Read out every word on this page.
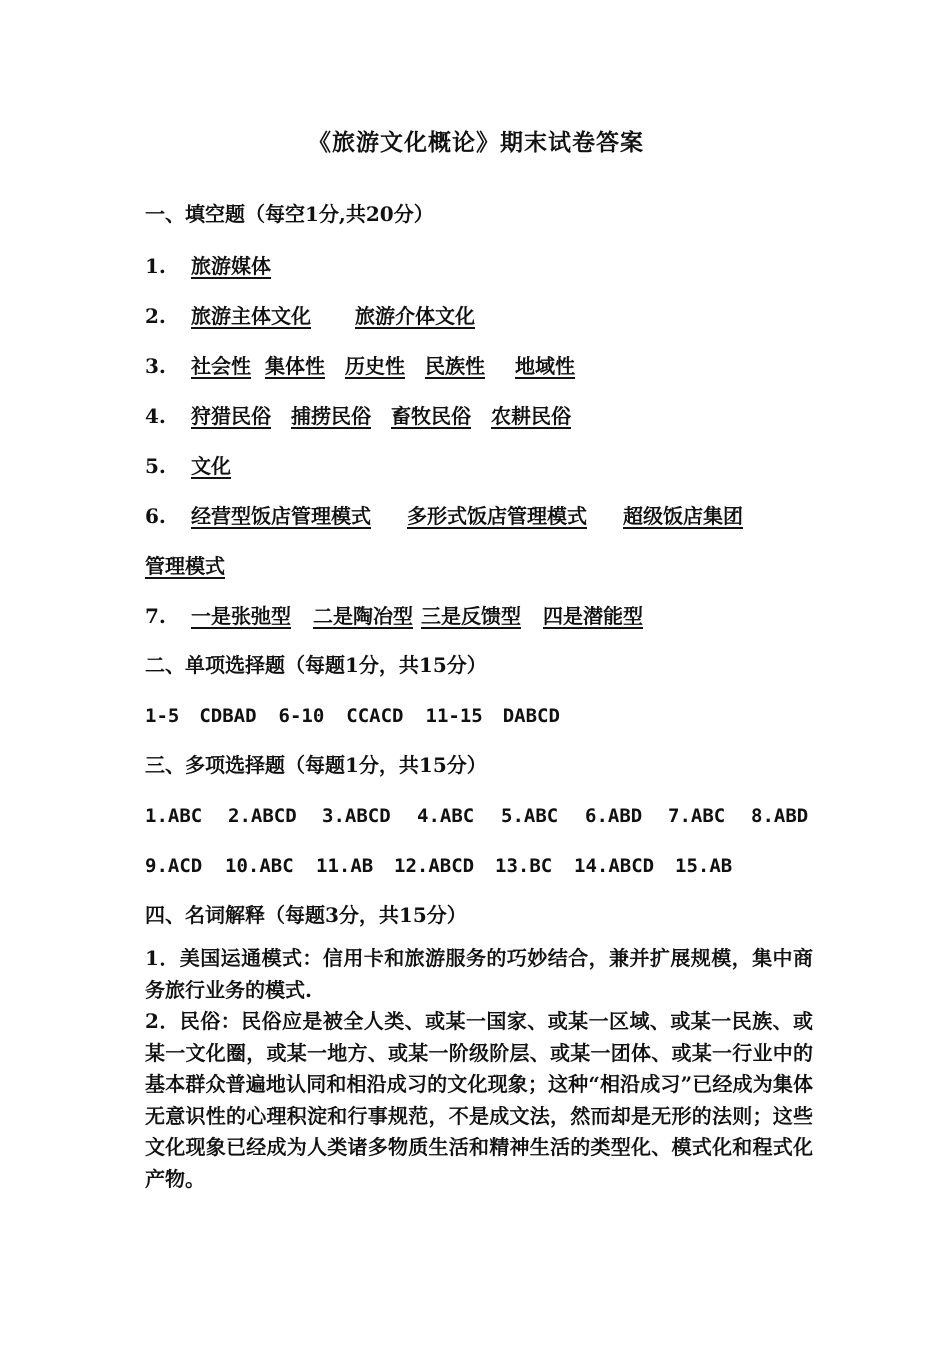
《旅游文化概论》期末试卷答案
一、填空题（每空1分,共20分）
1. 旅游媒体
2. 旅游主体文化 旅游介体文化
3. 社会性 集体性 历史性 民族性 地域性
4. 狩猎民俗 捕捞民俗 畜牧民俗 农耕民俗
5. 文化
6. 经营型饭店管理模式 多形式饭店管理模式 超级饭店集团
管理模式
7. 一是张弛型 二是陶冶型 三是反馈型 四是潜能型
二、单项选择题（每题1分，共15分）
1-5 CDBAD 6-10 CCACD 11-15 DABCD
三、多项选择题（每题1分，共15分）
1.ABC 2.ABCD 3.ABCD 4.ABC 5.ABC 6.ABD 7.ABC 8.ABD
9.ACD 10.ABC 11.AB 12.ABCD 13.BC 14.ABCD 15.AB
四、名词解释（每题3分，共15分）
1．美国运通模式：信用卡和旅游服务的巧妙结合，兼并扩展规模，集中商务旅行业务的模式.
2．民俗：民俗应是被全人类、或某一国家、或某一区域、或某一民族、或某一文化圈，或某一地方、或某一阶级阶层、或某一团体、或某一行业中的基本群众普遍地认同和相沿成习的文化现象；这种“相沿成习”已经成为集体无意识性的心理积淀和行事规范，不是成文法，然而却是无形的法则；这些文化现象已经成为人类诸多物质生活和精神生活的类型化、模式化和程式化产物。
